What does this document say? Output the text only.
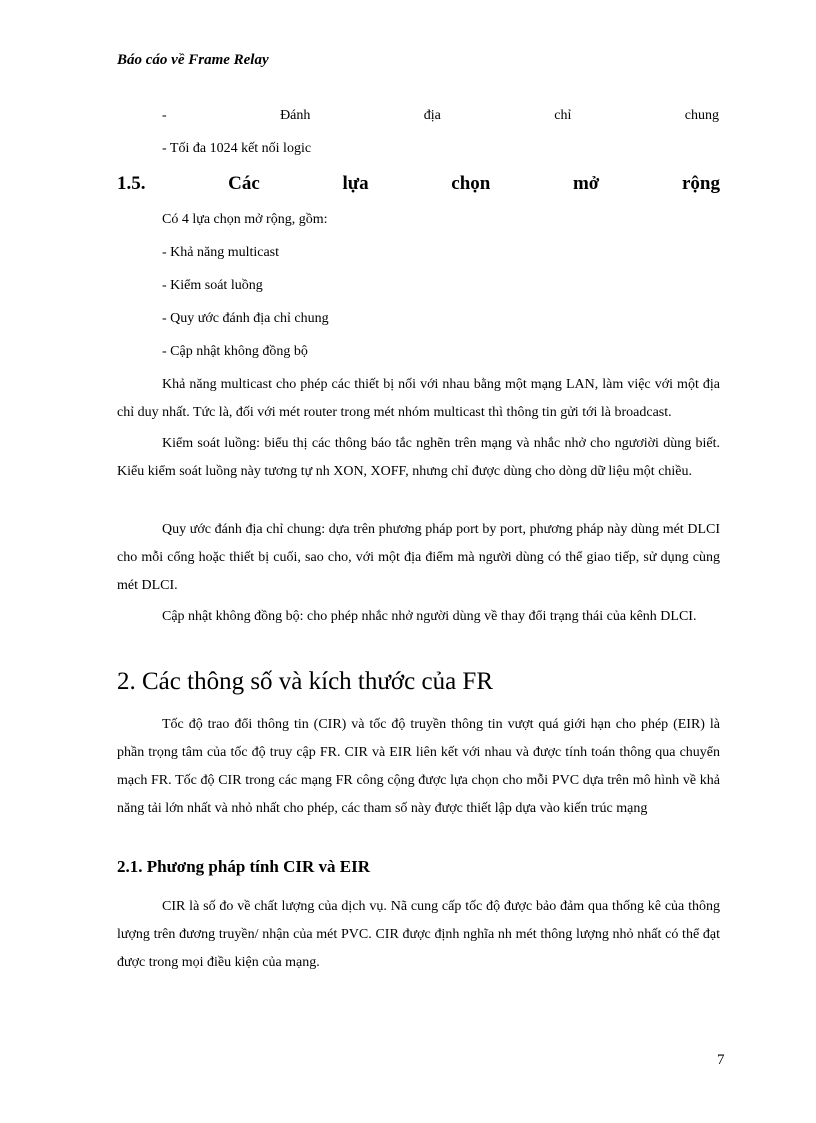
Báo cáo về Frame Relay
-	Đánh	địa	chỉ	chung
- Tối đa 1024 kết nối logic
1.5.	Các	lựa	chọn	mở	rộng
Có 4 lựa chọn mở rộng, gồm:
- Khả năng multicast
- Kiểm soát luồng
- Quy ước đánh địa chỉ chung
- Cập nhật không đồng bộ

Khả năng multicast cho phép các thiết bị nối với nhau bằng một mạng LAN, làm việc với một địa chỉ duy nhất. Tức là, đối với mét router trong mét nhóm multicast thì thông tin gửi tới là broadcast.

Kiểm soát luồng: biểu thị các thông báo tắc nghẽn trên mạng và nhắc nhở cho ngươiời dùng biết. Kiểu kiểm soát luồng này tương tự nh XON, XOFF, nhưng chỉ được dùng cho dòng dữ liệu một chiều.

Quy ước đánh địa chỉ chung: dựa trên phương pháp port by port, phương pháp này dùng mét DLCI cho mỗi cổng hoặc thiết bị cuối, sao cho, với một địa điểm mà người dùng có thể giao tiếp, sử dụng cùng mét DLCI.

Cập nhật không đồng bộ: cho phép nhắc nhở người dùng về thay đổi trạng thái của kênh DLCI.

2. Các thông số và kích thước của FR

Tốc độ trao đổi thông tin (CIR) và tốc độ truyền thông tin vượt quá giới hạn cho phép (EIR) là phần trọng tâm của tốc độ truy cập FR. CIR và EIR liên kết với nhau và được tính toán thông qua chuyển mạch FR. Tốc độ CIR trong các mạng FR công cộng được lựa chọn cho mỗi PVC dựa trên mô hình về khả năng tải lớn nhất và nhỏ nhất cho phép, các tham số này được thiết lập dựa vào kiến trúc mạng

2.1. Phương pháp tính CIR và EIR

CIR là số đo về chất lượng của dịch vụ. Nã cung cấp tốc độ được bảo đảm qua thống kê của thông lượng trên đương truyền/ nhận của mét PVC. CIR được định nghĩa nh mét thông lượng nhỏ nhất có thể đạt được trong mọi điều kiện của mạng.

7
